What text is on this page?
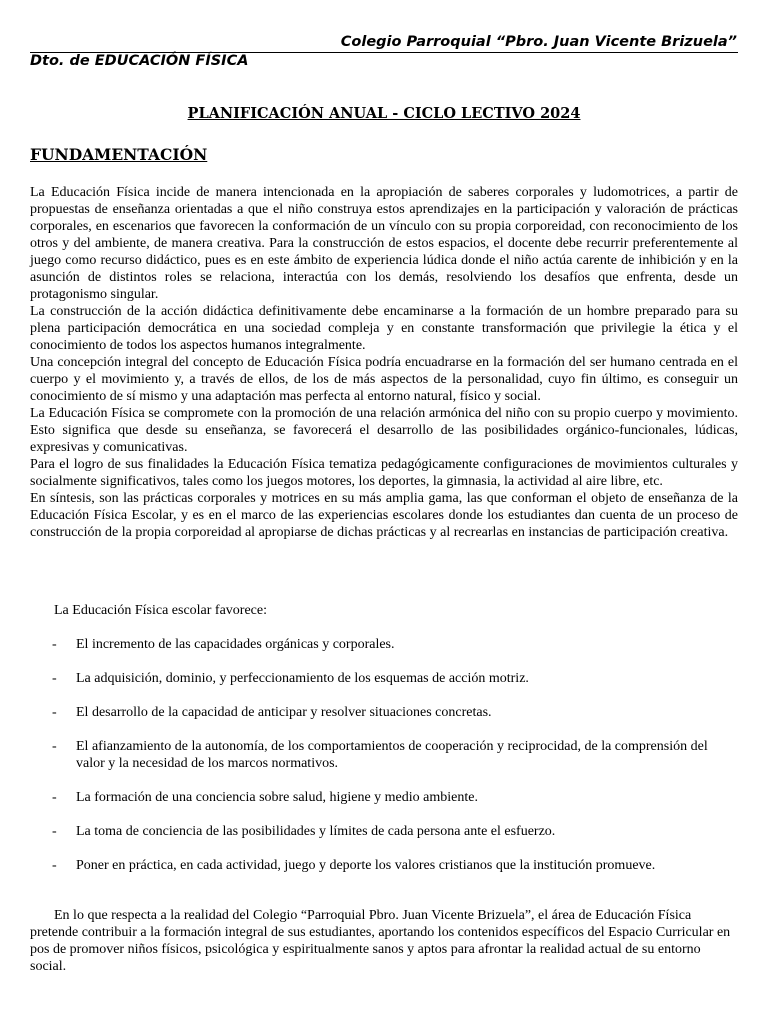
Colegio Parroquial “Pbro. Juan Vicente Brizuela”
Dto. de EDUCACIÓN FÍSICA
PLANIFICACIÓN ANUAL - CICLO LECTIVO 2024
FUNDAMENTACIÓN

La Educación Física incide de manera intencionada en la apropiación de saberes corporales y ludomotrices, a partir de propuestas de enseñanza orientadas a que el niño construya estos aprendizajes en la participación y valoración de prácticas corporales, en escenarios que favorecen la conformación de un vínculo con su propia corporeidad, con reconocimiento de los otros y del ambiente, de manera creativa. Para la construcción de estos espacios, el docente debe recurrir preferentemente al juego como recurso didáctico, pues es en este ámbito de experiencia lúdica donde el niño actúa carente de inhibición y en la asunción de distintos roles se relaciona, interactúa con los demás, resolviendo los desafíos que enfrenta, desde un protagonismo singular.

La construcción de la acción didáctica definitivamente debe encaminarse a la formación de un hombre preparado para su plena participación democrática en una sociedad compleja y en constante transformación que privilegie la ética y el conocimiento de todos los aspectos humanos integralmente.

Una concepción integral del concepto de Educación Física podría encuadrarse en la formación del ser humano centrada en el cuerpo y el movimiento y, a través de ellos, de los de más aspectos de la personalidad, cuyo fin último, es conseguir un conocimiento de sí mismo y una adaptación mas perfecta al entorno natural, físico y social.

La Educación Física se compromete con la promoción de una relación armónica del niño con su propio cuerpo y movimiento. Esto significa que desde su enseñanza, se favorecerá el desarrollo de las posibilidades orgánico-funcionales, lúdicas, expresivas y comunicativas.

Para el logro de sus finalidades la Educación Física tematiza pedagógicamente configuraciones de movimientos culturales y socialmente significativos, tales como los juegos motores, los deportes, la gimnasia, la actividad al aire libre, etc.

En síntesis, son las prácticas corporales y motrices en su más amplia gama, las que conforman el objeto de enseñanza de la Educación Física Escolar, y es en el marco de las experiencias escolares donde los estudiantes dan cuenta de un proceso de construcción de la propia corporeidad al apropiarse de dichas prácticas y al recrearlas en instancias de participación creativa.

La Educación Física escolar favorece:
- El incremento de las capacidades orgánicas y corporales.
- La adquisición, dominio, y perfeccionamiento de los esquemas de acción motriz.
- El desarrollo de la capacidad de anticipar y resolver situaciones concretas.
- El afianzamiento de la autonomía, de los comportamientos de cooperación y reciprocidad, de la comprensión del valor y la necesidad de los marcos normativos.
- La formación de una conciencia sobre salud, higiene y medio ambiente.
- La toma de conciencia de las posibilidades y límites de cada persona ante el esfuerzo.
- Poner en práctica, en cada actividad, juego y deporte los valores cristianos que la institución promueve.

En lo que respecta a la realidad del Colegio “Parroquial Pbro. Juan Vicente Brizuela”, el área de Educación Física pretende contribuir a la formación integral de sus estudiantes, aportando los contenidos específicos del Espacio Curricular en pos de promover niños físicos, psicológica y espiritualmente sanos y aptos para afrontar la realidad actual de su entorno social.
